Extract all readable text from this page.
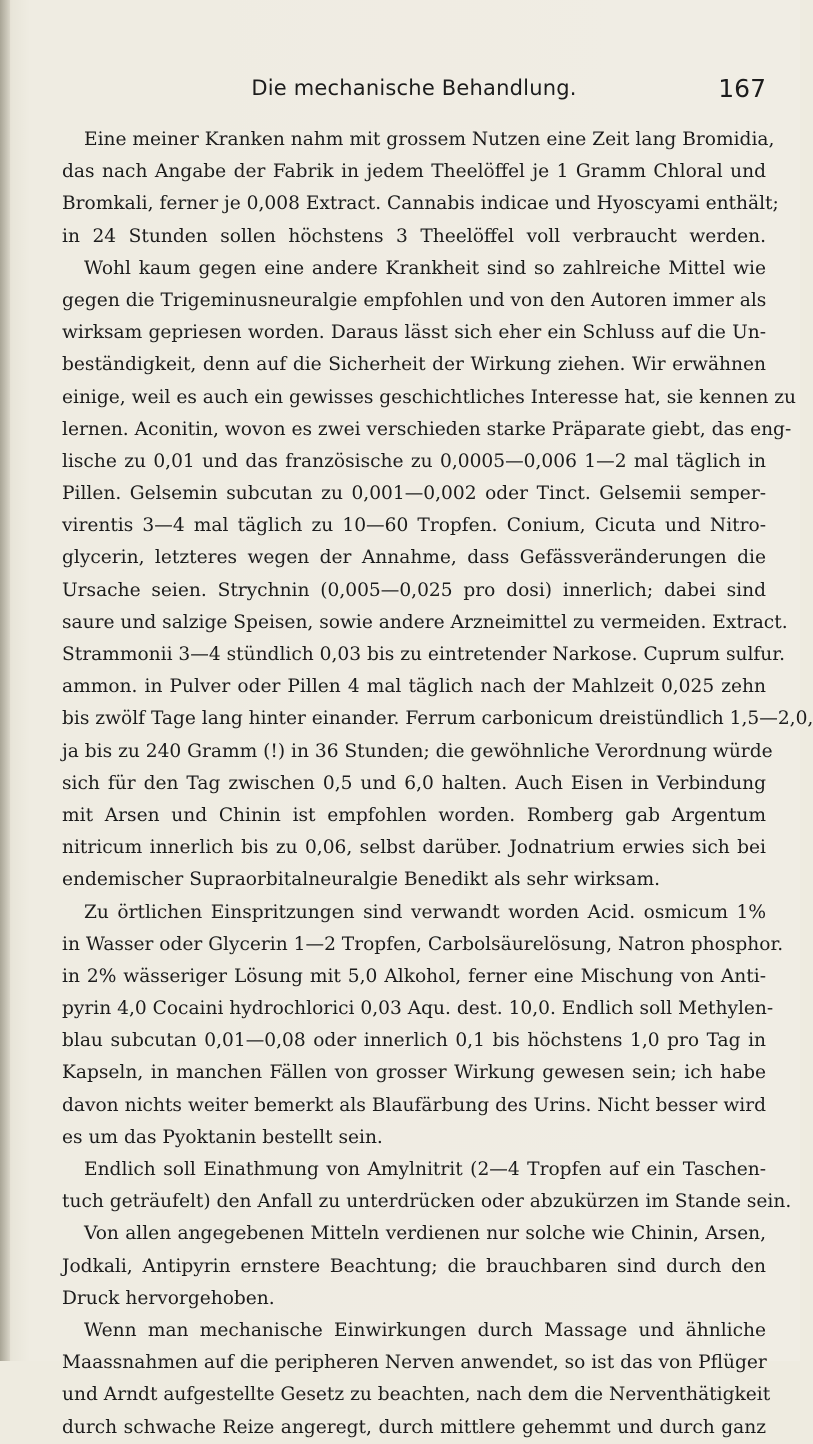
Die mechanische Behandlung.	167
Eine meiner Kranken nahm mit grossem Nutzen eine Zeit lang Bromidia,
das nach Angabe der Fabrik in jedem Theelöffel je 1 Gramm Chloral und
Bromkali, ferner je 0,008 Extract. Cannabis indicae und Hyoscyami enthält;
in 24 Stunden sollen höchstens 3 Theelöffel voll verbraucht werden.
Wohl kaum gegen eine andere Krankheit sind so zahlreiche Mittel wie
gegen die Trigeminusneuralgie empfohlen und von den Autoren immer als
wirksam gepriesen worden. Daraus lässt sich eher ein Schluss auf die Un-
beständigkeit, denn auf die Sicherheit der Wirkung ziehen. Wir erwähnen
einige, weil es auch ein gewisses geschichtliches Interesse hat, sie kennen zu
lernen. Aconitin, wovon es zwei verschieden starke Präparate giebt, das eng-
lische zu 0,01 und das französische zu 0,0005—0,006 1—2 mal täglich in
Pillen. Gelsemin subcutan zu 0,001—0,002 oder Tinct. Gelsemii semper-
virentis 3—4 mal täglich zu 10—60 Tropfen. Conium, Cicuta und Nitro-
glycerin, letzteres wegen der Annahme, dass Gefässveränderungen die
Ursache seien. Strychnin (0,005—0,025 pro dosi) innerlich; dabei sind
saure und salzige Speisen, sowie andere Arzneimittel zu vermeiden. Extract.
Strammonii 3—4 stündlich 0,03 bis zu eintretender Narkose. Cuprum sulfur.
ammon. in Pulver oder Pillen 4 mal täglich nach der Mahlzeit 0,025 zehn
bis zwölf Tage lang hinter einander. Ferrum carbonicum dreistündlich 1,5—2,0,
ja bis zu 240 Gramm (!) in 36 Stunden; die gewöhnliche Verordnung würde
sich für den Tag zwischen 0,5 und 6,0 halten. Auch Eisen in Verbindung
mit Arsen und Chinin ist empfohlen worden. Romberg gab Argentum
nitricum innerlich bis zu 0,06, selbst darüber. Jodnatrium erwies sich bei
endemischer Supraorbitalneuralgie Benedikt als sehr wirksam.
Zu örtlichen Einspritzungen sind verwandt worden Acid. osmicum 1%
in Wasser oder Glycerin 1—2 Tropfen, Carbolsäurelösung, Natron phosphor.
in 2% wässeriger Lösung mit 5,0 Alkohol, ferner eine Mischung von Anti-
pyrin 4,0 Cocaini hydrochlorici 0,03 Aqu. dest. 10,0. Endlich soll Methylen-
blau subcutan 0,01—0,08 oder innerlich 0,1 bis höchstens 1,0 pro Tag in
Kapseln, in manchen Fällen von grosser Wirkung gewesen sein; ich habe
davon nichts weiter bemerkt als Blaufärbung des Urins. Nicht besser wird
es um das Pyoktanin bestellt sein.
Endlich soll Einathmung von Amylnitrit (2—4 Tropfen auf ein Taschen-
tuch geträufelt) den Anfall zu unterdrücken oder abzukürzen im Stande sein.
Von allen angegebenen Mitteln verdienen nur solche wie Chinin, Arsen,
Jodkali, Antipyrin ernstere Beachtung; die brauchbaren sind durch den
Druck hervorgehoben.
Wenn man mechanische Einwirkungen durch Massage und ähnliche
Maassnahmen auf die peripheren Nerven anwendet, so ist das von Pflüger
und Arndt aufgestellte Gesetz zu beachten, nach dem die Nerventhätigkeit
durch schwache Reize angeregt, durch mittlere gehemmt und durch ganz
